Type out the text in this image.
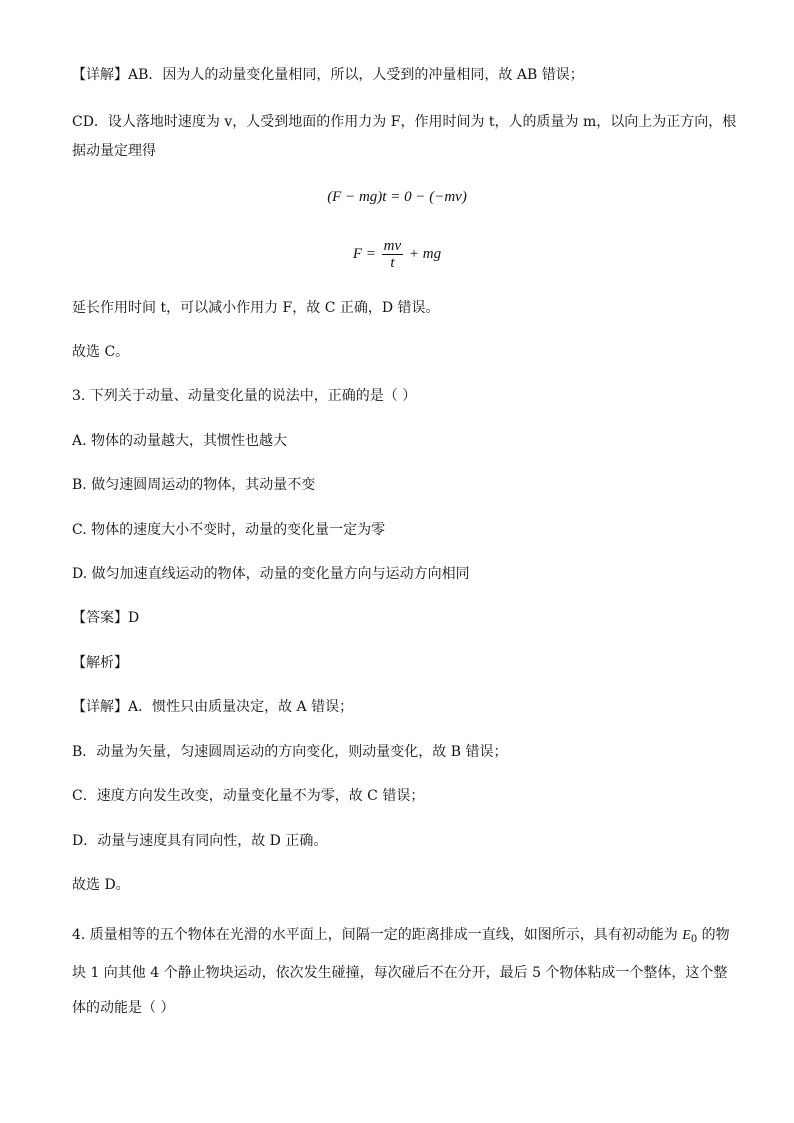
【详解】AB．因为人的动量变化量相同，所以，人受到的冲量相同，故 AB 错误；
CD．设人落地时速度为 v，人受到地面的作用力为 F，作用时间为 t，人的质量为 m，以向上为正方向，根
据动量定理得
(F − mg)t = 0 − (−mv)
$F = \frac{mv}{t}$ + mg
延长作用时间 t，可以减小作用力 F，故 C 正确，D 错误。
故选 C。
3. 下列关于动量、动量变化量的说法中，正确的是（ ）
A. 物体的动量越大，其惯性也越大
B. 做匀速圆周运动的物体，其动量不变
C. 物体的速度大小不变时，动量的变化量一定为零
D. 做匀加速直线运动的物体，动量的变化量方向与运动方向相同
【答案】D
【解析】
【详解】A．惯性只由质量决定，故 A 错误；
B．动量为矢量，匀速圆周运动的方向变化，则动量变化，故 B 错误；
C．速度方向发生改变，动量变化量不为零，故 C 错误；
D．动量与速度具有同向性，故 D 正确。
故选 D。
4. 质量相等的五个物体在光滑的水平面上，间隔一定的距离排成一直线，如图所示，具有初动能为 $E_0$ 的物
块 1 向其他 4 个静止物块运动，依次发生碰撞，每次碰后不在分开，最后 5 个物体粘成一个整体，这个整
体的动能是（ ）
